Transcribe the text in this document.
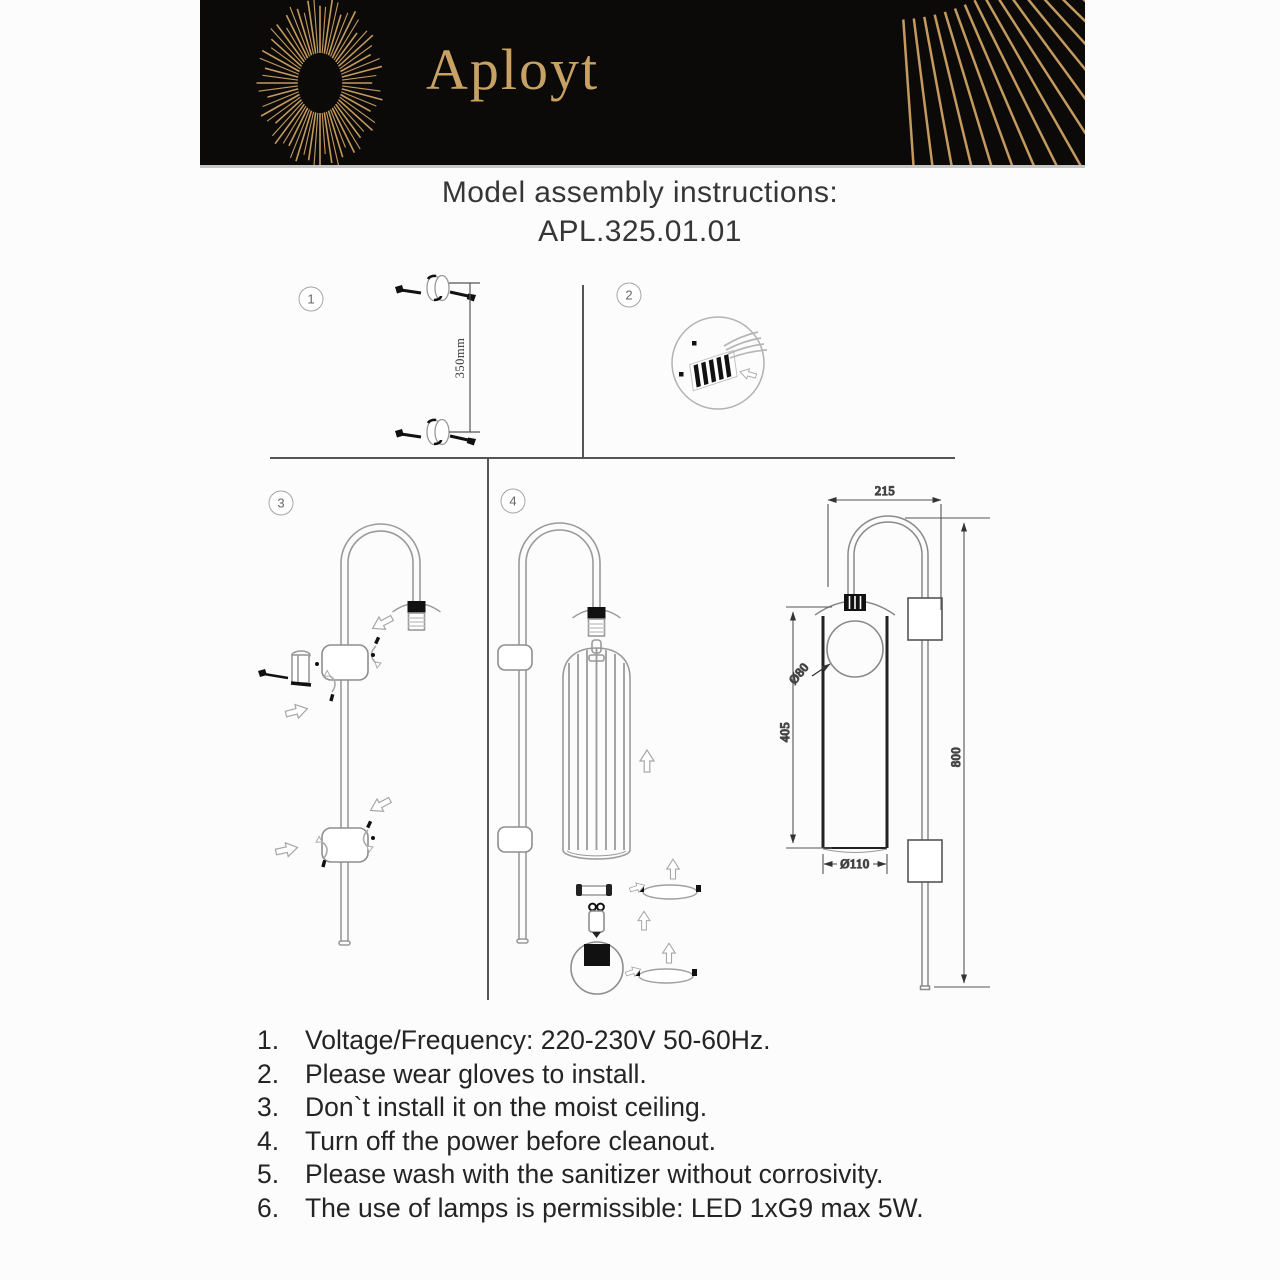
Aployt
Model assembly instructions:
APL.325.01.01
1	2
3	4
350mm
215
800
405
Ø80
Ø110
1. Voltage/Frequency: 220-230V 50-60Hz.
2. Please wear gloves to install.
3. Don`t install it on the moist ceiling.
4. Turn off the power before cleanout.
5. Please wash with the sanitizer without corrosivity.
6. The use of lamps is permissible: LED 1xG9 max 5W.
